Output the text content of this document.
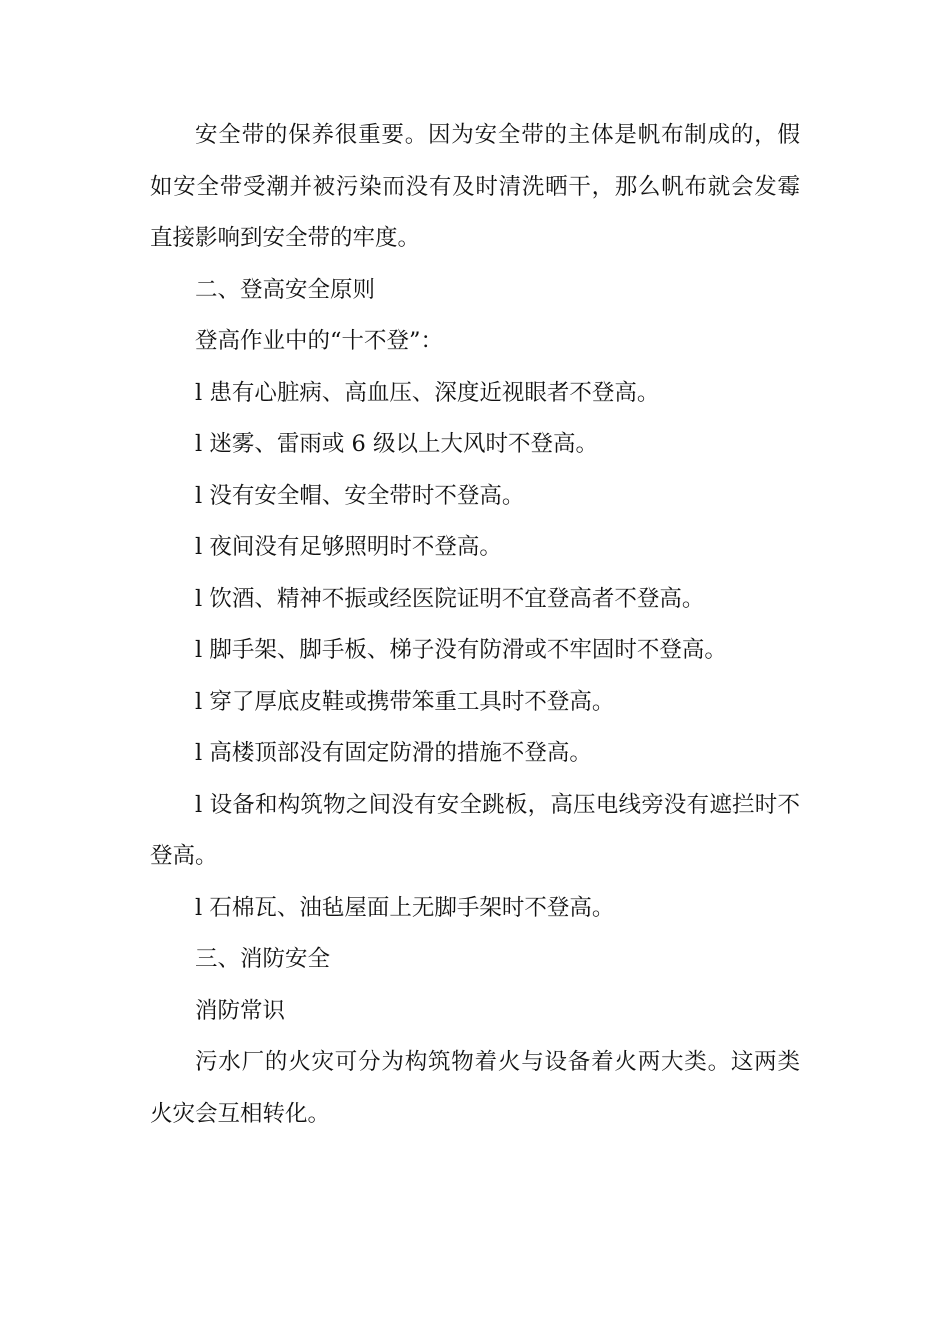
安全带的保养很重要。因为安全带的主体是帆布制成的，假如安全带受潮并被污染而没有及时清洗晒干，那么帆布就会发霉直接影响到安全带的牢度。

二、登高安全原则

登高作业中的“十不登”：

l 患有心脏病、高血压、深度近视眼者不登高。

l 迷雾、雷雨或 6 级以上大风时不登高。

l 没有安全帽、安全带时不登高。

l 夜间没有足够照明时不登高。

l 饮酒、精神不振或经医院证明不宜登高者不登高。

l 脚手架、脚手板、梯子没有防滑或不牢固时不登高。

l 穿了厚底皮鞋或携带笨重工具时不登高。

l 高楼顶部没有固定防滑的措施不登高。

l 设备和构筑物之间没有安全跳板，高压电线旁没有遮拦时不登高。

l 石棉瓦、油毡屋面上无脚手架时不登高。

三、消防安全

消防常识

污水厂的火灾可分为构筑物着火与设备着火两大类。这两类火灾会互相转化。
